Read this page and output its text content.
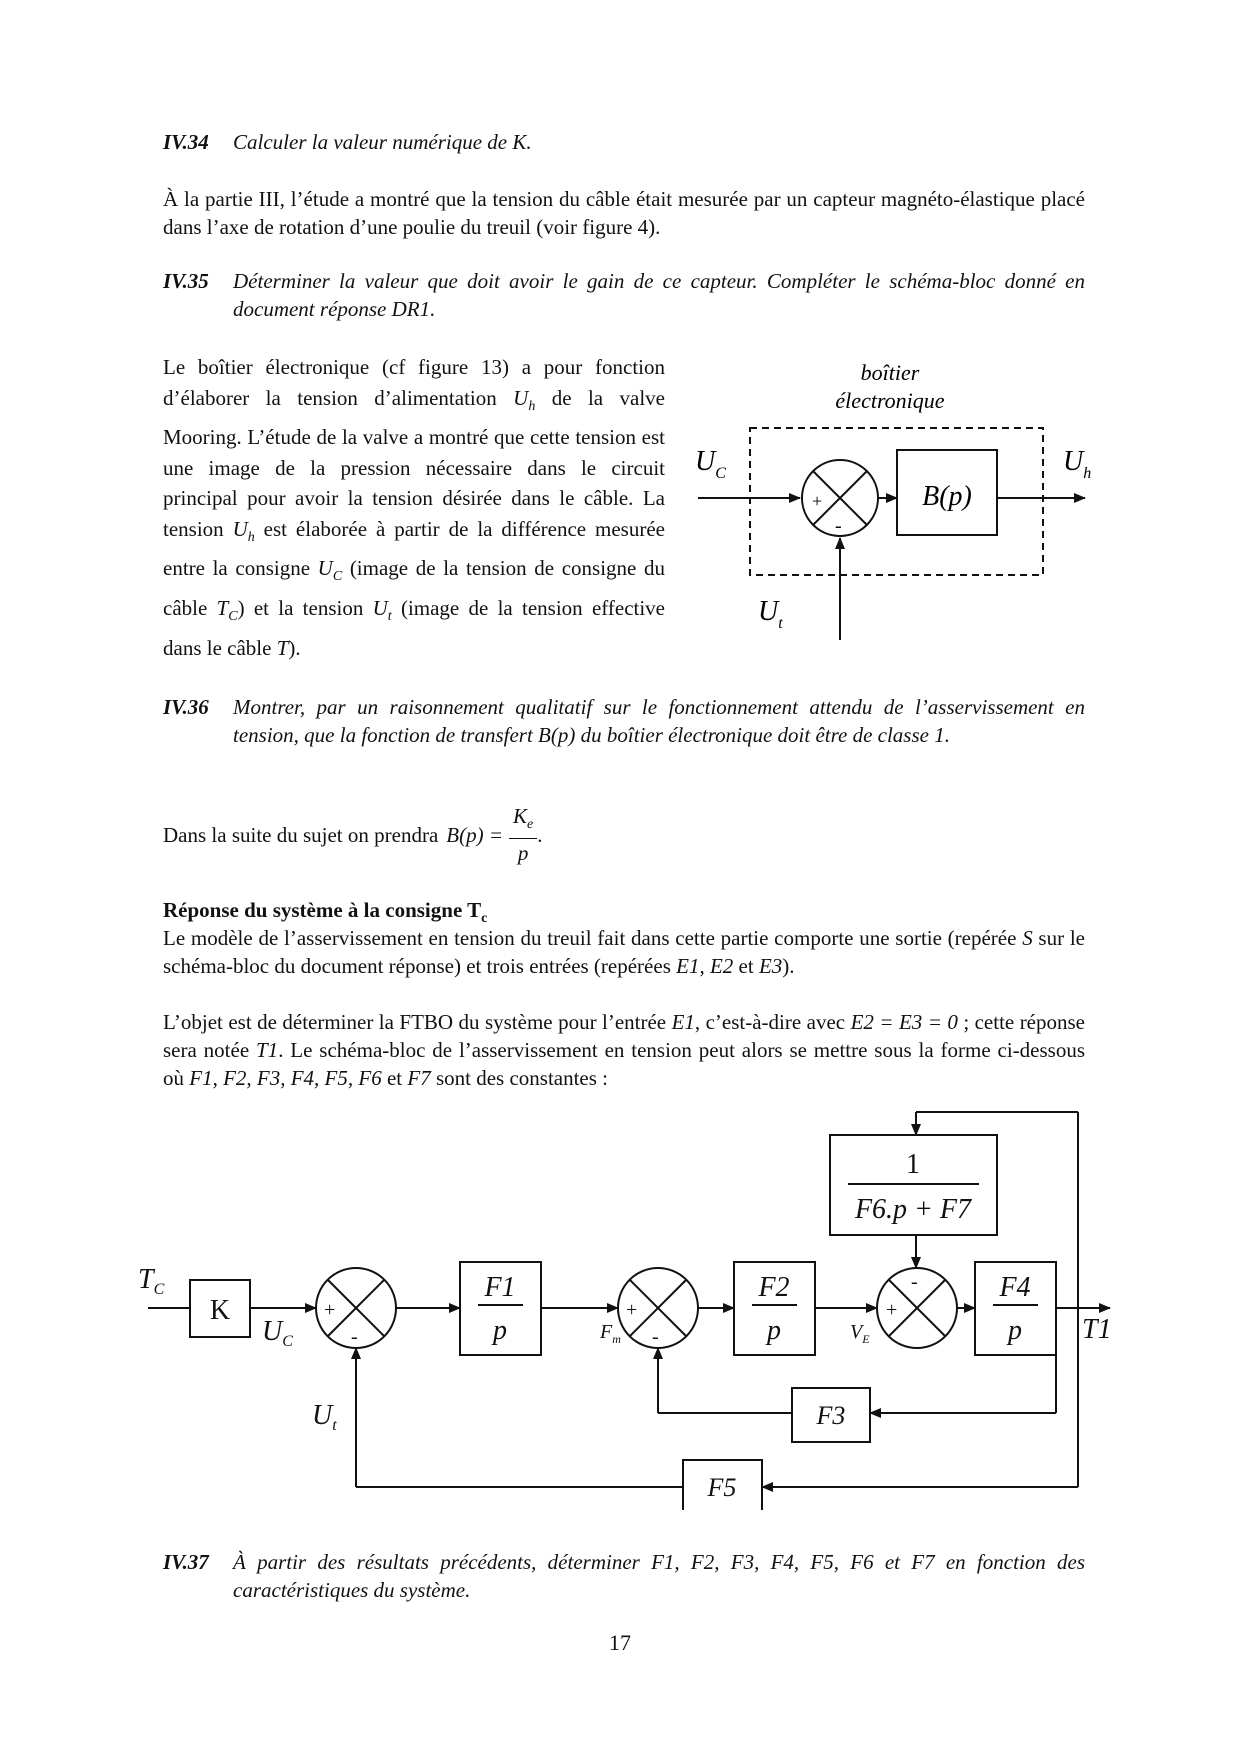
IV.34	Calculer la valeur numérique de K.

À la partie III, l’étude a montré que la tension du câble était mesurée par un capteur magnéto-élastique placé dans l’axe de rotation d’une poulie du treuil (voir figure 4).

IV.35	Déterminer la valeur que doit avoir le gain de ce capteur. Compléter le schéma-bloc donné en document réponse DR1.

Le boîtier électronique (cf figure 13) a pour fonction d’élaborer la tension d’alimentation $U_h$ de la valve Mooring. L’étude de la valve a montré que cette tension est une image de la pression nécessaire dans le circuit principal pour avoir la tension désirée dans le câble. La tension $U_h$ est élaborée à partir de la différence mesurée entre la consigne $U_C$ (image de la tension de consigne du câble $T_C$) et la tension $U_t$ (image de la tension effective dans le câble T).

boîtier
électronique
+
-
B(p)
$U_C$	$U_h$
$U_t$
IV.36	Montrer, par un raisonnement qualitatif sur le fonctionnement attendu de l’asservissement en tension, que la fonction de transfert B(p) du boîtier électronique doit être de classe 1.
Dans la suite du sujet on prendra $B(p) = \frac{K_e}{p}$ .
Réponse du système à la consigne $T_c$

Le modèle de l’asservissement en tension du treuil fait dans cette partie comporte une sortie (repérée S sur le schéma-bloc du document réponse) et trois entrées (repérées E1, E2 et E3).

L’objet est de déterminer la FTBO du système pour l’entrée E1, c’est-à-dire avec E2 = E3 = 0 ; cette réponse sera notée T1. Le schéma-bloc de l’asservissement en tension peut alors se mettre sous la forme ci-dessous où F1, F2, F3, F4, F5, F6 et F7 sont des constantes :

$T_C$
K
$U_C$
F1
p	$F_m$
F2
p	$V_E$
F4
p T1
1
F6.p + F7
F3
F5
$U_t$
+
-
+
-
+
-
IV.37	À partir des résultats précédents, déterminer F1, F2, F3, F4, F5, F6 et F7 en fonction des caractéristiques du système.
17
